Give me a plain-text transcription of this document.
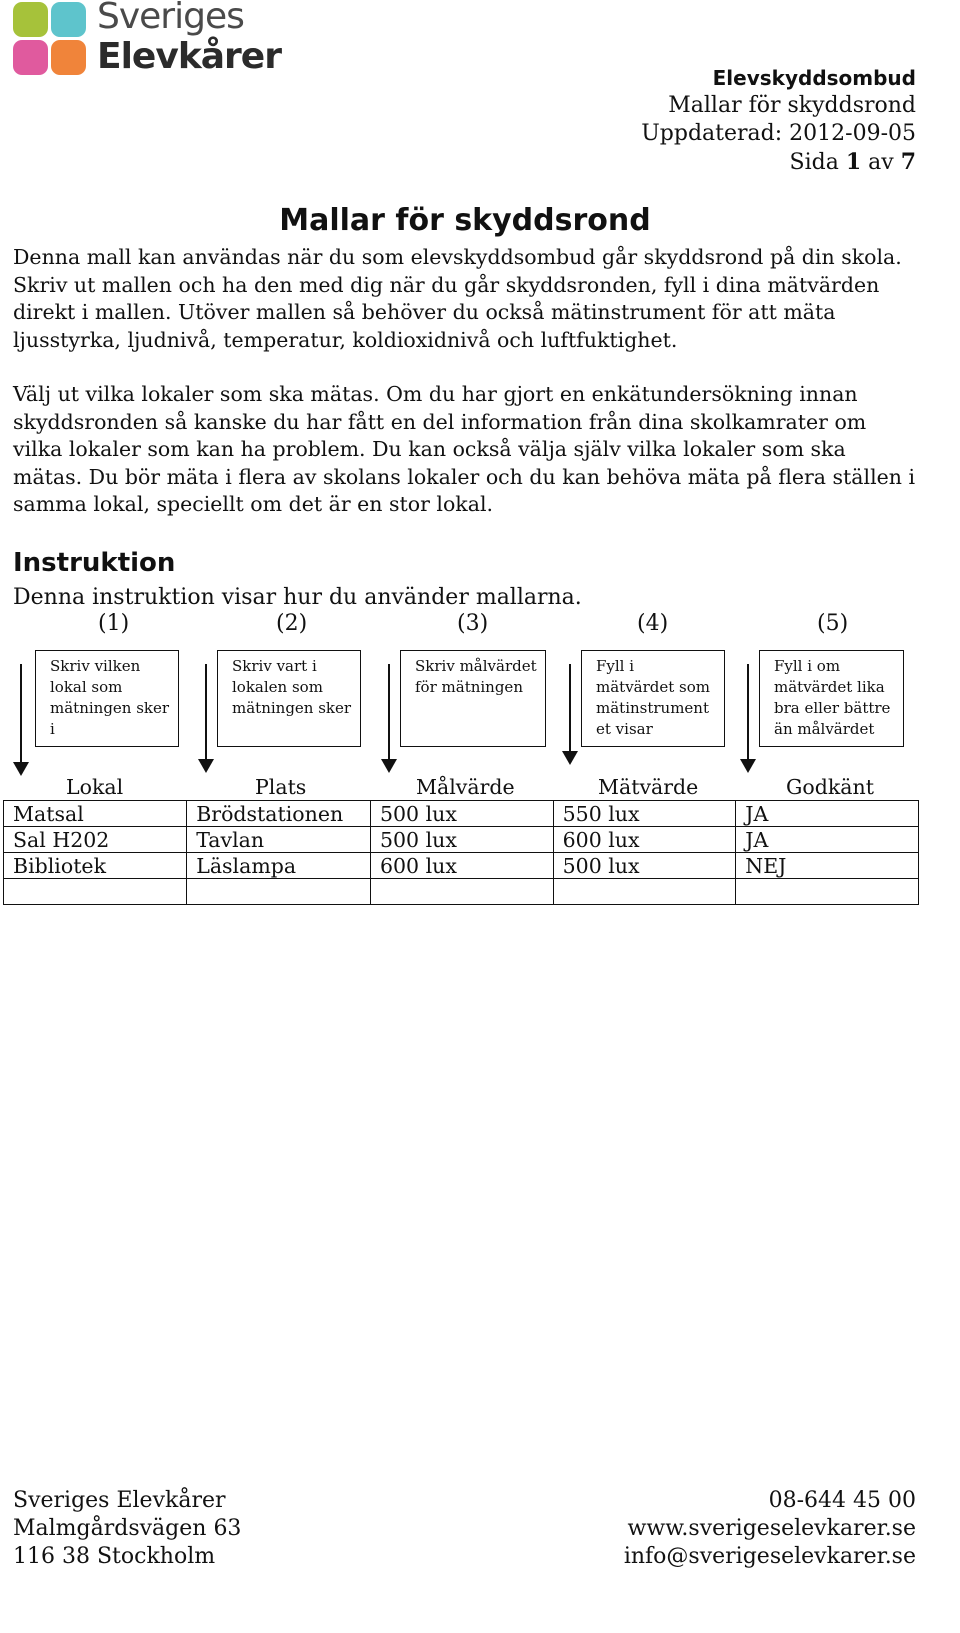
Sveriges
Elevkårer
Elevskyddsombud
Mallar för skyddsrond
Uppdaterad: 2012-09-05
Sida 1 av 7
Mallar för skyddsrond
Denna mall kan användas när du som elevskyddsombud går skyddsrond på din skola. Skriv ut mallen och ha den med dig när du går skyddsronden, fyll i dina mätvärden direkt i mallen. Utöver mallen så behöver du också mätinstrument för att mäta ljusstyrka, ljudnivå, temperatur, koldioxidnivå och luftfuktighet.
Välj ut vilka lokaler som ska mätas. Om du har gjort en enkätundersökning innan skyddsronden så kanske du har fått en del information från dina skolkamrater om vilka lokaler som kan ha problem. Du kan också välja själv vilka lokaler som ska mätas. Du bör mäta i flera av skolans lokaler och du kan behöva mäta på flera ställen i samma lokal, speciellt om det är en stor lokal.
Instruktion
Denna instruktion visar hur du använder mallarna.
(1)	(2)	(3)	(4)	(5)
Skriv vilken lokal som mätningen sker i
Skriv vart i lokalen som mätningen sker
Skriv målvärdet för mätningen
Fyll i mätvärdet som mätinstrument et visar
Fyll i om mätvärdet lika bra eller bättre än målvärdet
Lokal	Plats	Målvärde	Mätvärde	Godkänt
Matsal	Brödstationen	500 lux	550 lux	JA
Sal H202	Tavlan	500 lux	600 lux	JA
Bibliotek	Läslampa	600 lux	500 lux	NEJ

Sveriges Elevkårer
Malmgårdsvägen 63
116 38 Stockholm
08-644 45 00
www.sverigeselevkarer.se
info@sverigeselevkarer.se
